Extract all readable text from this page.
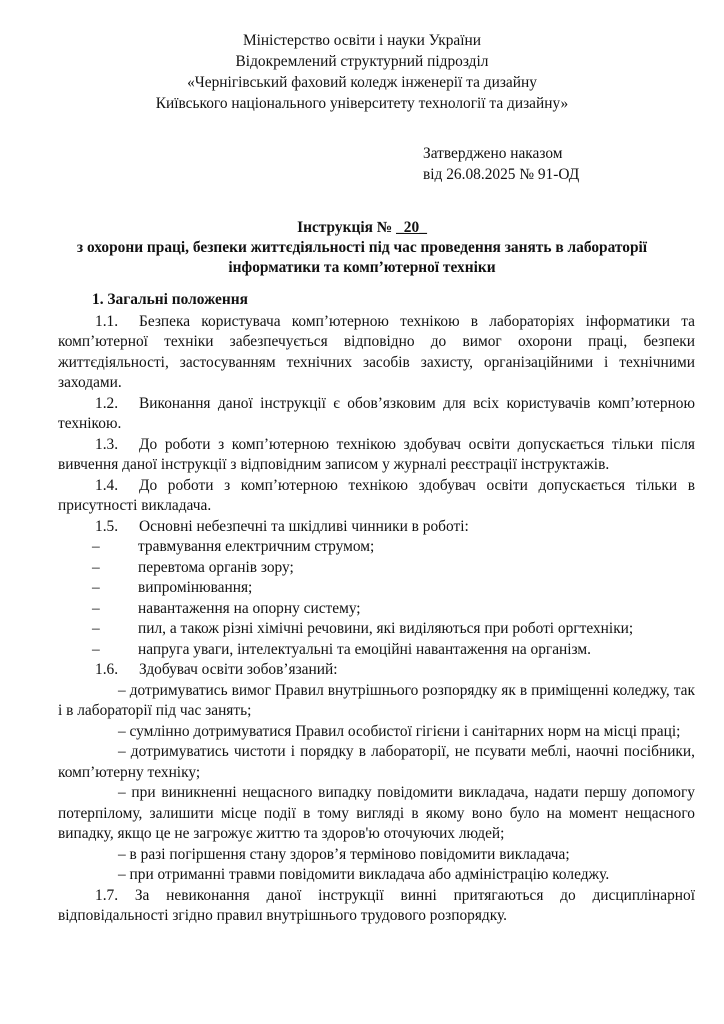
Міністерство освіти і науки України
Відокремлений структурний підрозділ
«Чернігівський фаховий коледж інженерії та дизайну
Київського національного університету технології та дизайну»
Затверджено наказом
від 26.08.2025 № 91-ОД
Інструкція № _20_
з охорони праці, безпеки життєдіяльності під час проведення занять в лабораторії
інформатики та комп’ютерної техніки

1. Загальні положення

1.1. Безпека користувача комп’ютерною технікою в лабораторіях інформатики та комп’ютерної техніки забезпечується відповідно до вимог охорони праці, безпеки життєдіяльності, застосуванням технічних засобів захисту, організаційними і технічними заходами.

1.2. Виконання даної інструкції є обов’язковим для всіх користувачів комп’ютерною технікою.

1.3. До роботи з комп’ютерною технікою здобувач освіти допускається тільки після вивчення даної інструкції з відповідним записом у журналі реєстрації інструктажів.

1.4. До роботи з комп’ютерною технікою здобувач освіти допускається тільки в присутності викладача.

1.5. Основні небезпечні та шкідливі чинники в роботі:

– травмування електричним струмом;

– перевтома органів зору;

– випромінювання;

– навантаження на опорну систему;

– пил, а також різні хімічні речовини, які виділяються при роботі оргтехніки;

– напруга уваги, інтелектуальні та емоційні навантаження на організм.

1.6. Здобувач освіти зобов’язаний:

– дотримуватись вимог Правил внутрішнього розпорядку як в приміщенні коледжу, так і в лабораторії під час занять;

– сумлінно дотримуватися Правил особистої гігієни і санітарних норм на місці праці;

– дотримуватись чистоти і порядку в лабораторії, не псувати меблі, наочні посібники, комп’ютерну техніку;

– при виникненні нещасного випадку повідомити викладача, надати першу допомогу потерпілому, залишити місце події в тому вигляді в якому воно було на момент нещасного випадку, якщо це не загрожує життю та здоров'ю оточуючих людей;

– в разі погіршення стану здоров’я терміново повідомити викладача;

– при отриманні травми повідомити викладача або адміністрацію коледжу.

1.7. За невиконання даної інструкції винні притягаються до дисциплінарної відповідальності згідно правил внутрішнього трудового розпорядку.
